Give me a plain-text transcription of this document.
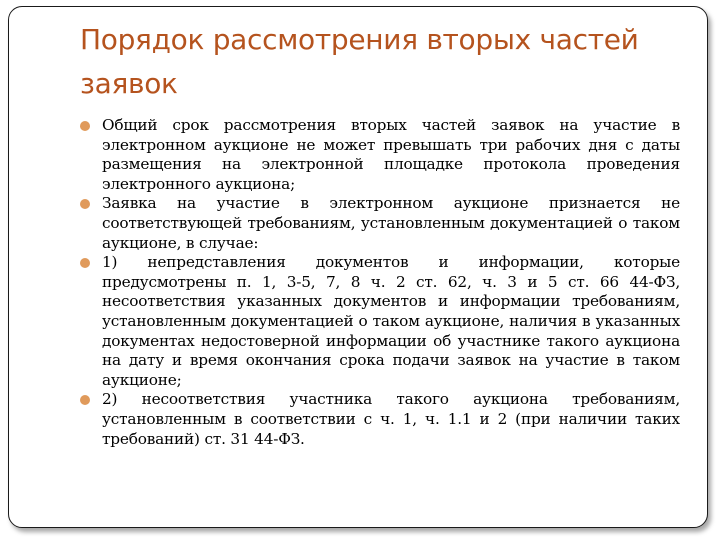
Порядок рассмотрения вторых частей заявок
Общий срок рассмотрения вторых частей заявок на участие в электронном аукционе не может превышать три рабочих дня с даты размещения на электронной площадке протокола проведения электронного аукциона;
Заявка на участие в электронном аукционе признается не соответствующей требованиям, установленным документацией о таком аукционе, в случае:
1) непредставления документов и информации, которые предусмотрены п. 1, 3-5, 7, 8 ч. 2 ст. 62, ч. 3 и 5 ст. 66 44-ФЗ, несоответствия указанных документов и информации требованиям, установленным документацией о таком аукционе, наличия в указанных документах недостоверной информации об участнике такого аукциона на дату и время окончания срока подачи заявок на участие в таком аукционе;
2) несоответствия участника такого аукциона требованиям, установленным в соответствии с ч. 1, ч. 1.1 и 2 (при наличии таких требований) ст. 31 44-ФЗ.
